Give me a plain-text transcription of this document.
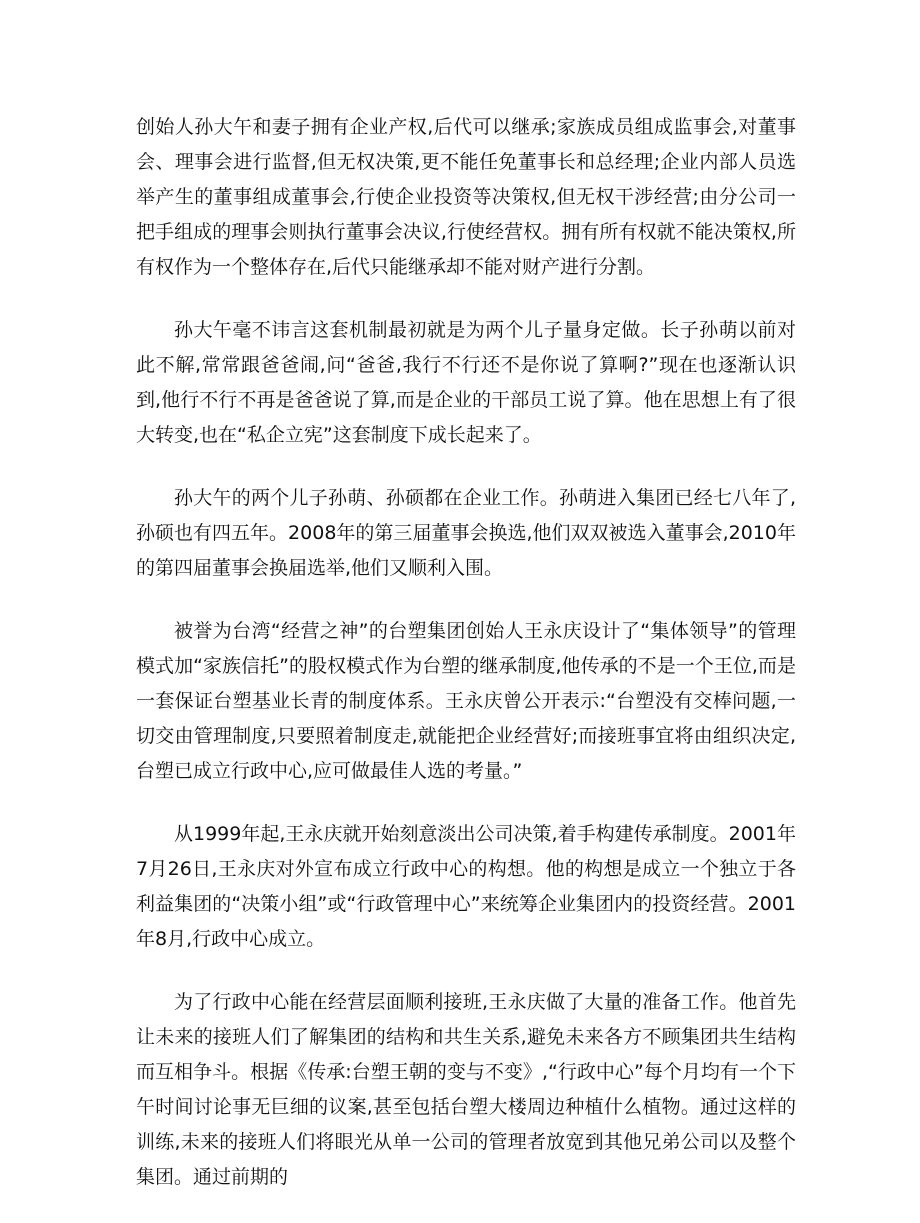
创始人孙大午和妻子拥有企业产权,后代可以继承;家族成员组成监事会,对董事会、理事会进行监督,但无权决策,更不能任免董事长和总经理;企业内部人员选举产生的董事组成董事会,行使企业投资等决策权,但无权干涉经营;由分公司一把手组成的理事会则执行董事会决议,行使经营权。拥有所有权就不能决策权,所有权作为一个整体存在,后代只能继承却不能对财产进行分割。

孙大午毫不讳言这套机制最初就是为两个儿子量身定做。长子孙萌以前对此不解,常常跟爸爸闹,问“爸爸,我行不行还不是你说了算啊?”现在也逐渐认识到,他行不行不再是爸爸说了算,而是企业的干部员工说了算。他在思想上有了很大转变,也在“私企立宪”这套制度下成长起来了。

孙大午的两个儿子孙萌、孙硕都在企业工作。孙萌进入集团已经七八年了,孙硕也有四五年。2008年的第三届董事会换选,他们双双被选入董事会,2010年的第四届董事会换届选举,他们又顺利入围。

被誉为台湾“经营之神”的台塑集团创始人王永庆设计了“集体领导”的管理模式加“家族信托”的股权模式作为台塑的继承制度,他传承的不是一个王位,而是一套保证台塑基业长青的制度体系。王永庆曾公开表示:“台塑没有交棒问题,一切交由管理制度,只要照着制度走,就能把企业经营好;而接班事宜将由组织决定,台塑已成立行政中心,应可做最佳人选的考量。”

从1999年起,王永庆就开始刻意淡出公司决策,着手构建传承制度。2001年7月26日,王永庆对外宣布成立行政中心的构想。他的构想是成立一个独立于各利益集团的“决策小组”或“行政管理中心”来统筹企业集团内的投资经营。2001年8月,行政中心成立。

为了行政中心能在经营层面顺利接班,王永庆做了大量的准备工作。他首先让未来的接班人们了解集团的结构和共生关系,避免未来各方不顾集团共生结构而互相争斗。根据《传承:台塑王朝的变与不变》,“行政中心”每个月均有一个下午时间讨论事无巨细的议案,甚至包括台塑大楼周边种植什么植物。通过这样的训练,未来的接班人们将眼光从单一公司的管理者放宽到其他兄弟公司以及整个集团。通过前期的
